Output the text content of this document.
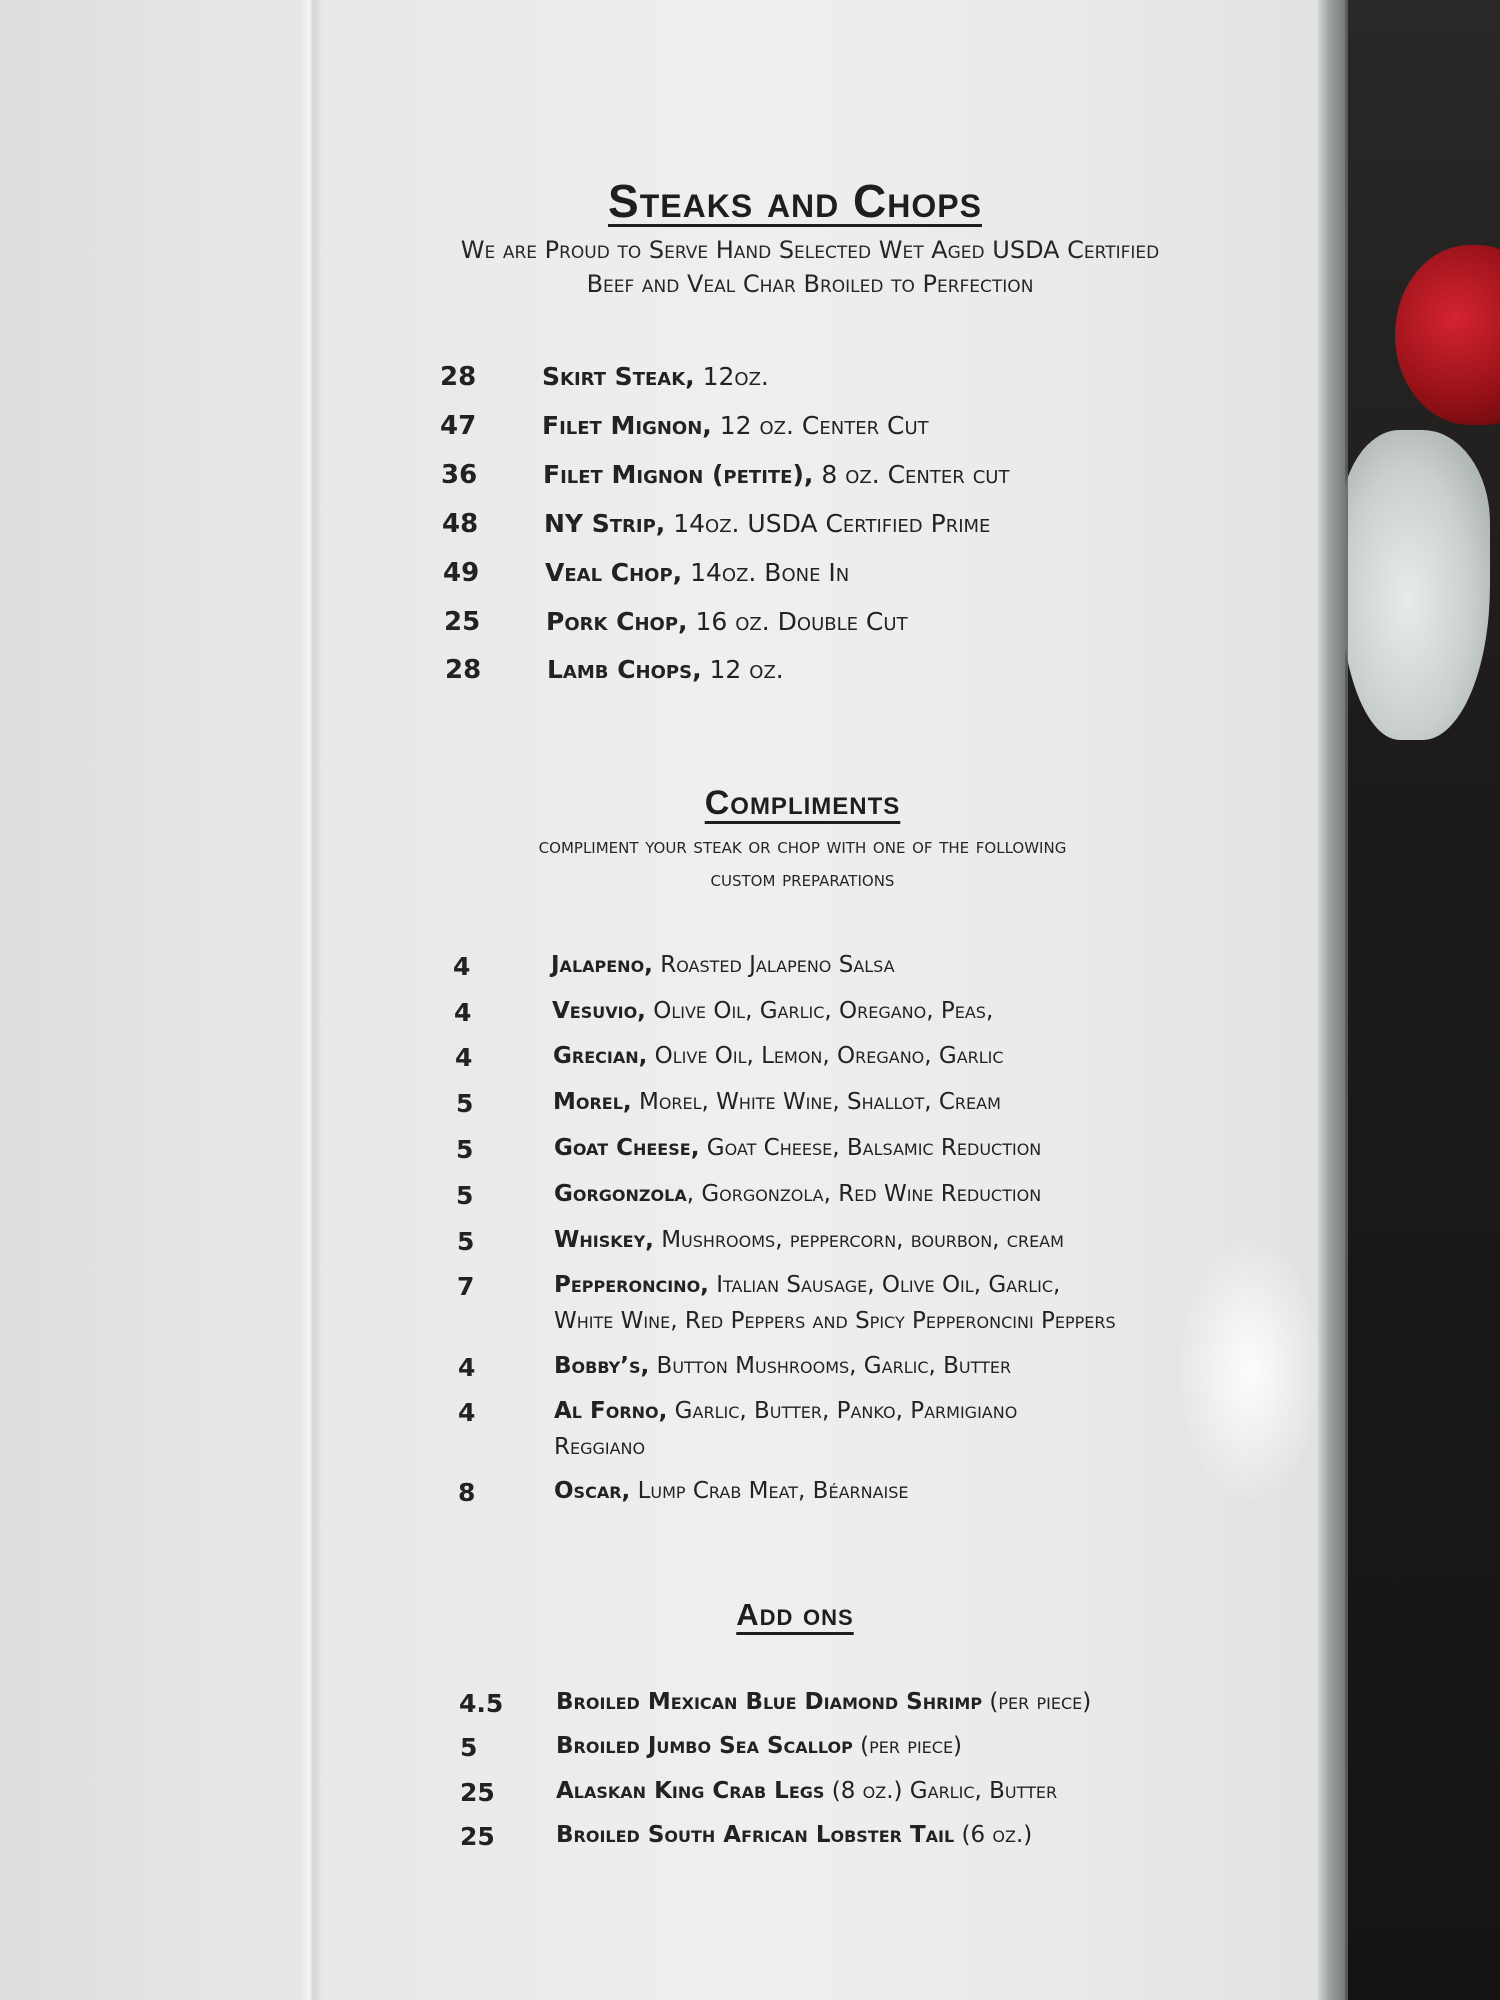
Steaks and Chops
We are Proud to Serve Hand Selected Wet Aged USDA Certified
Beef and Veal Char Broiled to Perfection
28	Skirt Steak, 12oz.
47	Filet Mignon, 12 oz. Center Cut
36	Filet Mignon (petite), 8 oz. Center cut
48	NY Strip, 14oz. USDA Certified Prime
49	Veal Chop, 14oz. Bone In
25	Pork Chop, 16 oz. Double Cut
28	Lamb Chops, 12 oz.
Compliments
compliment your steak or chop with one of the following
custom preparations
4	Jalapeno, Roasted Jalapeno Salsa
4	Vesuvio, Olive Oil, Garlic, Oregano, Peas,
4	Grecian, Olive Oil, Lemon, Oregano, Garlic
5	Morel, Morel, White Wine, Shallot, Cream
5	Goat Cheese, Goat Cheese, Balsamic Reduction
5	Gorgonzola, Gorgonzola, Red Wine Reduction
5	Whiskey, Mushrooms, peppercorn, bourbon, cream
7	Pepperoncino, Italian Sausage, Olive Oil, Garlic,
White Wine, Red Peppers and Spicy Pepperoncini Peppers
4	Bobby’s, Button Mushrooms, Garlic, Butter
4	Al Forno, Garlic, Butter, Panko, Parmigiano
Reggiano
8	Oscar, Lump Crab Meat, Béarnaise
Add ons
4.5 Broiled Mexican Blue Diamond Shrimp (per piece)
5	Broiled Jumbo Sea Scallop (per piece)
25	Alaskan King Crab Legs (8 oz.) Garlic, Butter
25	Broiled South African Lobster Tail (6 oz.)
